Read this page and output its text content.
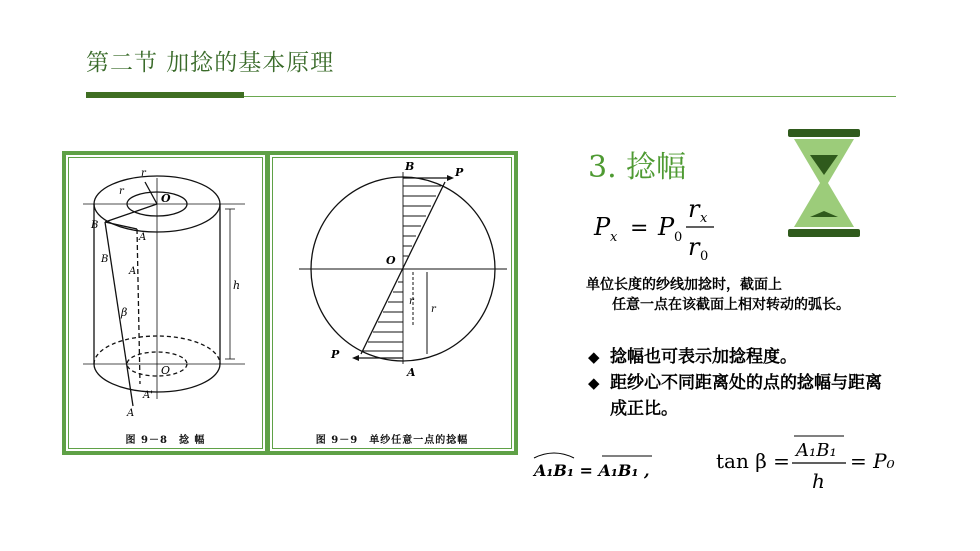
第二节 加捻的基本原理
r
r
O
B
A
B
A
β
h
O
A'
A
图 9－8　捻 幅
B	P
O
r
r
P
A
图 9－9　单纱任意一点的捻幅
3. 捻幅
P P
r
r
x	0
x
0
=
单位长度的纱线加捻时，截面上
任意一点在该截面上相对转动的弧长。
◆ 捻幅也可表示加捻程度。
◆ 距纱心不同距离处的点的捻幅与距离成正比。
A₁B₁ = A₁B₁ ,	tan β = A₁B₁
h
= P₀
